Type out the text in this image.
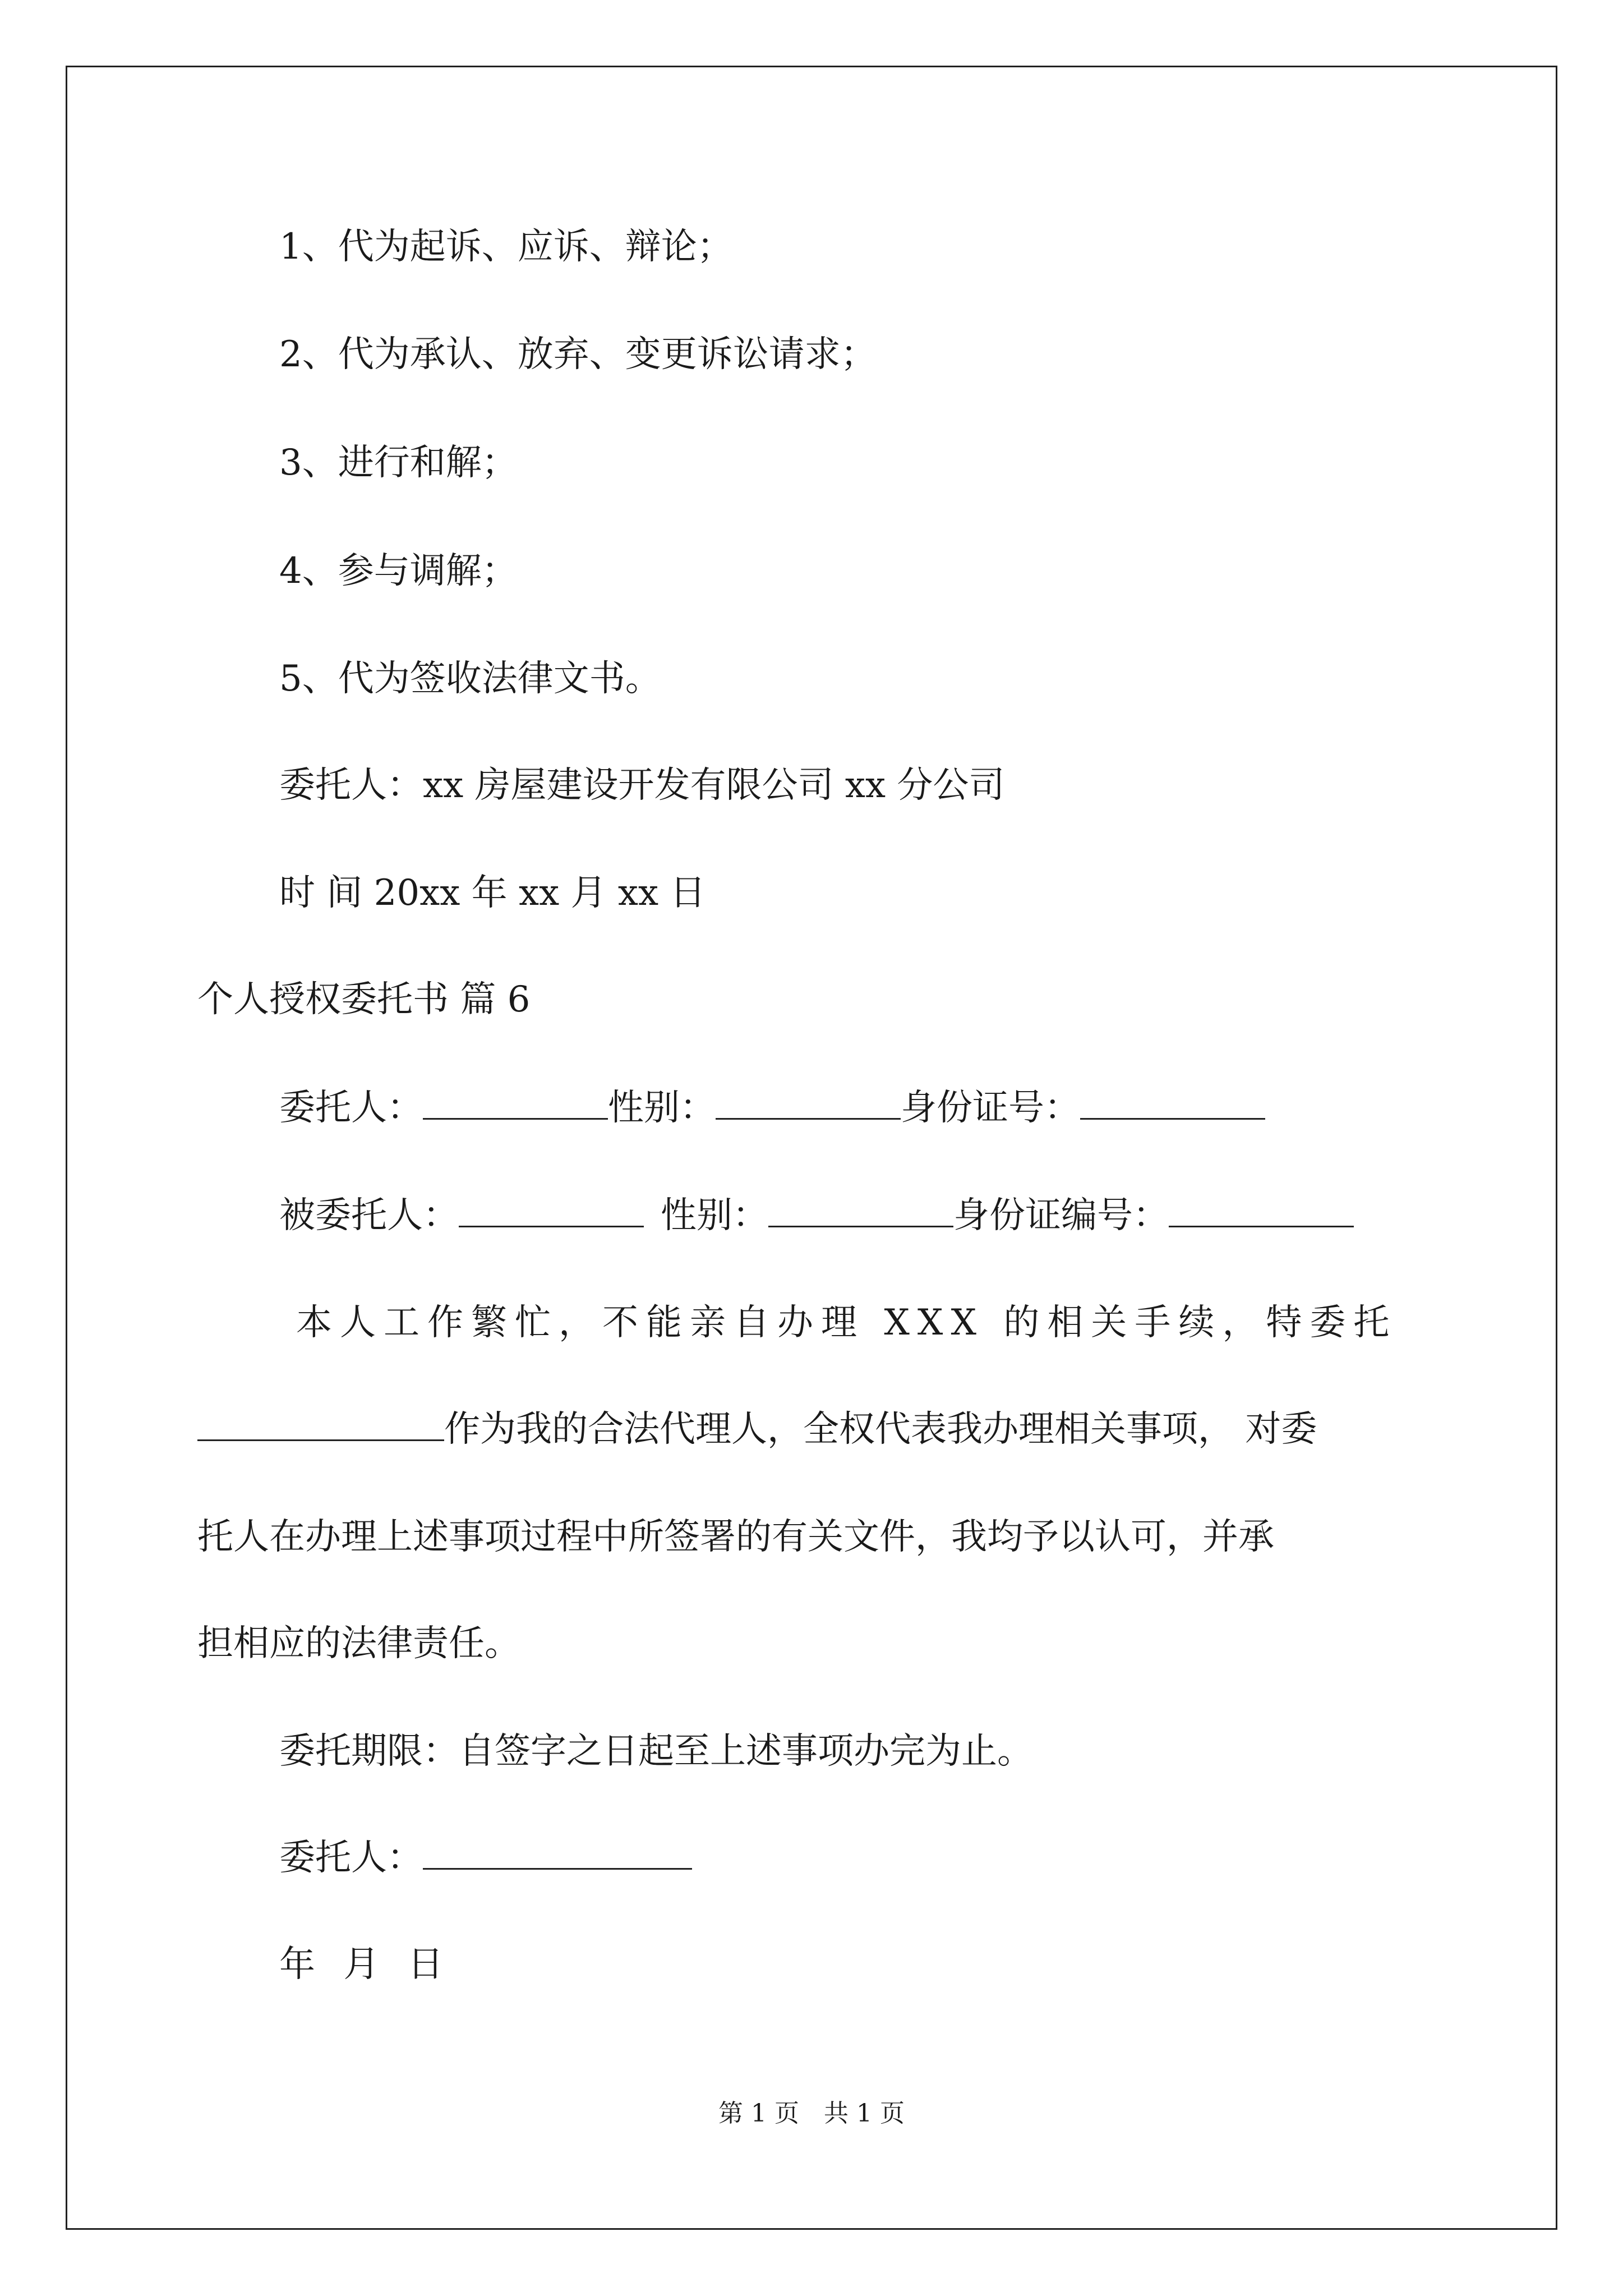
1、代为起诉、应诉、辩论；
2、代为承认、放弃、变更诉讼请求；
3、进行和解；
4、参与调解；
5、代为签收法律文书。
委托人：xx 房屋建设开发有限公司 xx 分公司
时 间 20xx 年 xx 月 xx 日
个人授权委托书 篇 6
委托人：	性别：	身份证号：
被委托人：	性别：	身份证编号：
本人工作繁忙，不能亲自办理 XXX 的相关手续，特委托
作为我的合法代理人，全权代表我办理相关事项， 对委
托人在办理上述事项过程中所签署的有关文件，我均予以认可，并承
担相应的法律责任。
委托期限：自签字之日起至上述事项办完为止。
委托人：
年 月 日
第 1 页　共 1 页
